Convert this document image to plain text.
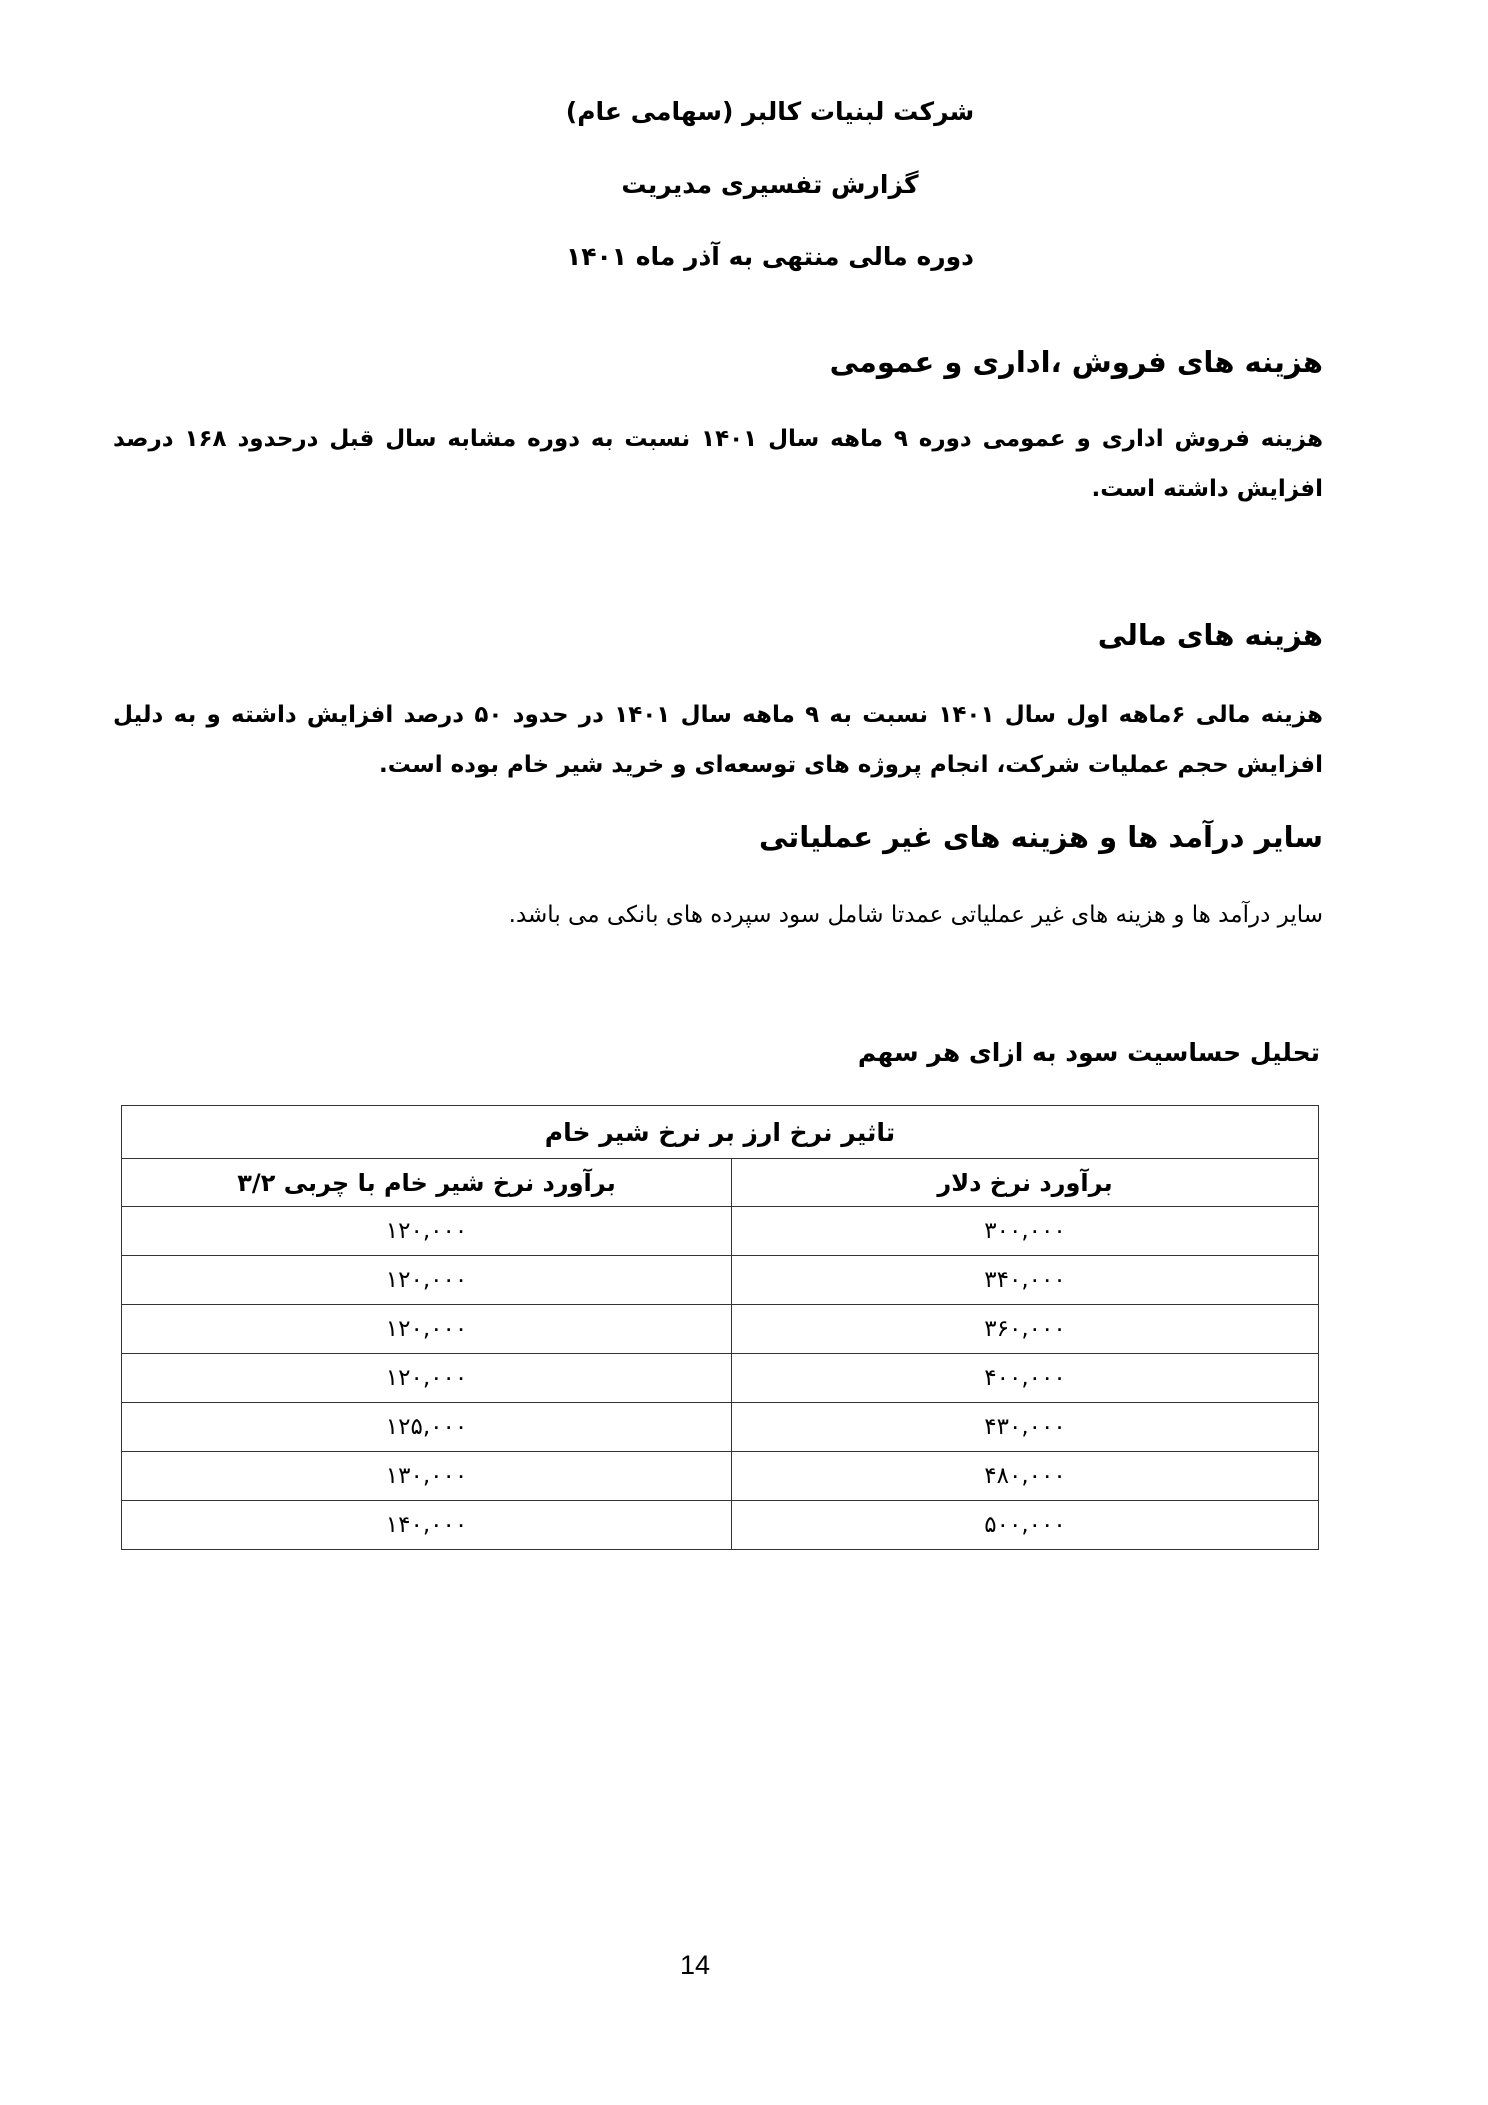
شرکت لبنیات کالبر (سهامی عام)
گزارش تفسیری مدیریت
دوره مالی منتهی به آذر ماه ۱۴۰۱
هزینه های فروش ،اداری و عمومی
هزینه فروش اداری و عمومی دوره ۹ ماهه سال ۱۴۰۱ نسبت به دوره مشابه سال قبل درحدود ۱۶۸ درصد افزایش داشته است.
هزینه های مالی
هزینه مالی ۶ماهه اول سال ۱۴۰۱ نسبت به ۹ ماهه سال ۱۴۰۱ در حدود ۵۰ درصد افزایش داشته و به دلیل افزایش حجم عملیات شرکت، انجام پروژه های توسعه‌ای و خرید شیر خام بوده است.
سایر درآمد ها و هزینه های غیر عملیاتی
سایر درآمد ها و هزینه های غیر عملیاتی عمدتا شامل سود سپرده های بانکی می باشد.
تحلیل حساسیت سود به ازای هر سهم
تاثیر نرخ ارز بر نرخ شیر خام	
برآورد نرخ دلار	برآورد نرخ شیر خام با چربی ۳/۲
۳۰۰,۰۰۰	۱۲۰,۰۰۰
۳۴۰,۰۰۰	۱۲۰,۰۰۰
۳۶۰,۰۰۰	۱۲۰,۰۰۰
۴۰۰,۰۰۰	۱۲۰,۰۰۰
۴۳۰,۰۰۰	۱۲۵,۰۰۰
۴۸۰,۰۰۰	۱۳۰,۰۰۰
۵۰۰,۰۰۰	۱۴۰,۰۰۰
14
